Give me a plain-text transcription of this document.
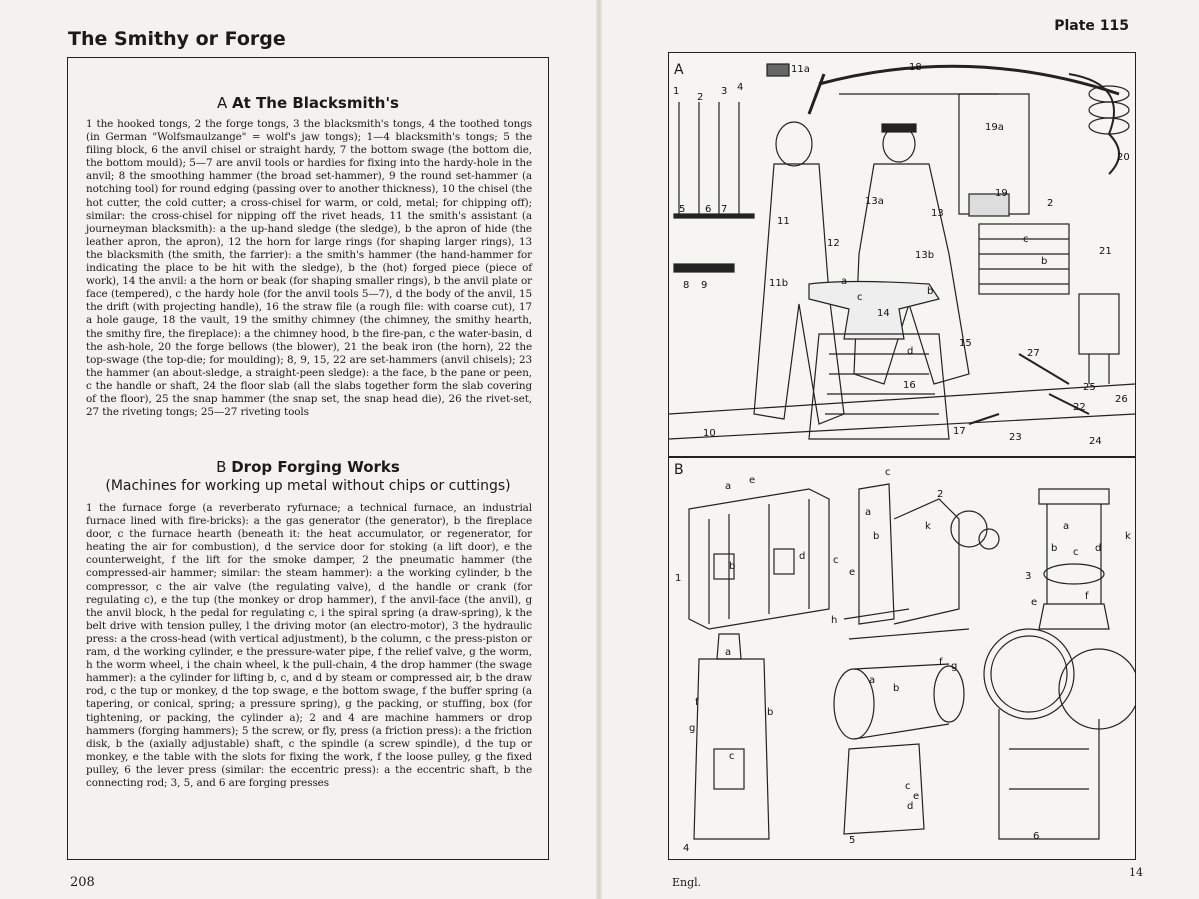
The Smithy or Forge
A At The Blacksmith's
1 the hooked tongs, 2 the forge tongs, 3 the blacksmith's tongs, 4 the toothed tongs (in German "Wolfsmaulzange" = wolf's jaw tongs); 1—4 blacksmith's tongs; 5 the filing block, 6 the anvil chisel or straight hardy, 7 the bottom swage (the bottom die, the bottom mould); 5—7 are anvil tools or hardies for fixing into the hardy-hole in the anvil; 8 the smoothing hammer (the broad set-hammer), 9 the round set-hammer (a notching tool) for round edging (passing over to another thickness), 10 the chisel (the hot cutter, the cold cutter; a cross-chisel for warm, or cold, metal; for chipping off); similar: the cross-chisel for nipping off the rivet heads, 11 the smith's assistant (a journeyman blacksmith): a the up-hand sledge (the sledge), b the apron of hide (the leather apron, the apron), 12 the horn for large rings (for shaping larger rings), 13 the blacksmith (the smith, the farrier): a the smith's hammer (the hand-hammer for indicating the place to be hit with the sledge), b the (hot) forged piece (piece of work), 14 the anvil: a the horn or beak (for shaping smaller rings), b the anvil plate or face (tempered), c the hardy hole (for the anvil tools 5—7), d the body of the anvil, 15 the drift (with projecting handle), 16 the straw file (a rough file: with coarse cut), 17 a hole gauge, 18 the vault, 19 the smithy chimney (the chimney, the smithy hearth, the smithy fire, the fireplace): a the chimney hood, b the fire-pan, c the water-basin, d the ash-hole, 20 the forge bellows (the blower), 21 the beak iron (the horn), 22 the top-swage (the top-die; for moulding); 8, 9, 15, 22 are set-hammers (anvil chisels); 23 the hammer (an about-sledge, a straight-peen sledge): a the face, b the pane or peen, c the handle or shaft, 24 the floor slab (all the slabs together form the slab covering of the floor), 25 the snap hammer (the snap set, the snap head die), 26 the rivet-set, 27 the riveting tongs; 25—27 riveting tools
B Drop Forging Works
(Machines for working up metal without chips or cuttings)
1 the furnace forge (a reverberato ryfurnace; a technical furnace, an industrial furnace lined with fire-bricks): a the gas generator (the generator), b the fireplace door, c the furnace hearth (beneath it: the heat accumulator, or regenerator, for heating the air for combustion), d the service door for stoking (a lift door), e the counterweight, f the lift for the smoke damper, 2 the pneumatic hammer (the compressed-air hammer; similar: the steam hammer): a the working cylinder, b the compressor, c the air valve (the regulating valve), d the handle or crank (for regulating c), e the tup (the monkey or drop hammer), f the anvil-face (the anvil), g the anvil block, h the pedal for regulating c, i the spiral spring (a draw-spring), k the belt drive with tension pulley, l the driving motor (an electro-motor), 3 the hydraulic press: a the cross-head (with vertical adjustment), b the column, c the press-piston or ram, d the working cylinder, e the pressure-water pipe, f the relief valve, g the worm, h the worm wheel, i the chain wheel, k the pull-chain, 4 the drop hammer (the swage hammer): a the cylinder for lifting b, c, and d by steam or compressed air, b the draw rod, c the tup or monkey, d the top swage, e the bottom swage, f the buffer spring (a tapering, or conical, spring; a pressure spring), g the packing, or stuffing, box (for tightening, or packing, the cylinder a); 2 and 4 are machine hammers or drop hammers (forging hammers); 5 the screw, or fly, press (a friction press): a the friction disk, b the (axially adjustable) shaft, c the spindle (a screw spindle), d the tup or monkey, e the table with the slots for fixing the work, f the loose pulley, g the fixed pulley, 6 the lever press (similar: the eccentric press): a the eccentric shaft, b the connecting rod; 3, 5, and 6 are forging presses
208
Plate 115
A
B
1
2
3 4
11a	18
19a
20
5 6 7
11
12
13a
13
19
2
c
b
13b	21
8 9	11b	a
b
c
14
d
15
16
27
25
26
22
10	17
23	24
e
a
b
d	c
1
c
2
a
b
k
e
h
3
a
b c d
k
e
f
a
b
c
f
g
4
f g
a
b
c
d
e
5	6
Engl.
14
